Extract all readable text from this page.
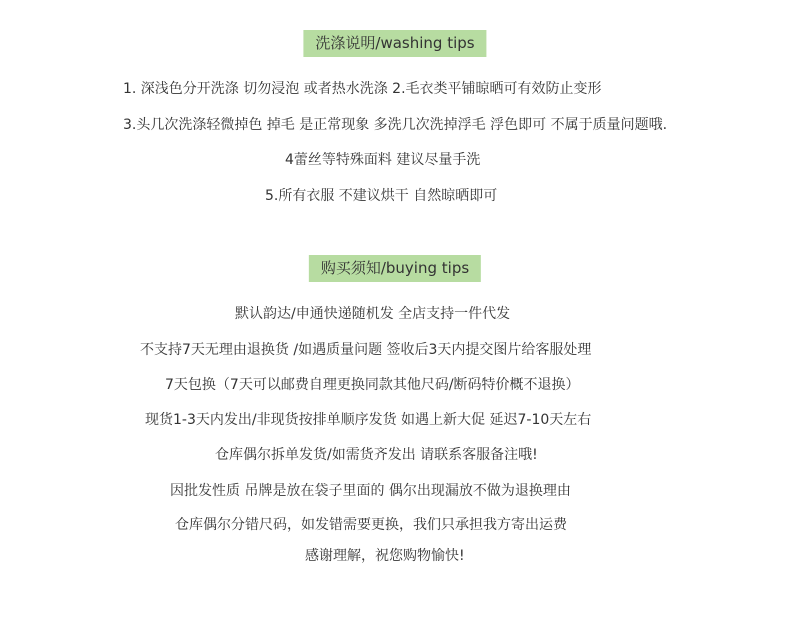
洗涤说明/washing tips
1. 深浅色分开洗涤 切勿浸泡 或者热水洗涤 2.毛衣类平铺晾晒可有效防止变形
3.头几次洗涤轻微掉色 掉毛 是正常现象 多洗几次洗掉浮毛 浮色即可 不属于质量问题哦.
4蕾丝等特殊面料 建议尽量手洗
5.所有衣服 不建议烘干 自然晾晒即可
购买须知/buying tips
默认韵达/申通快递随机发 全店支持一件代发
不支持7天无理由退换货 /如遇质量问题 签收后3天内提交图片给客服处理
7天包换（7天可以邮费自理更换同款其他尺码/断码特价概不退换）
现货1-3天内发出/非现货按排单顺序发货 如遇上新大促 延迟7-10天左右
仓库偶尔拆单发货/如需货齐发出 请联系客服备注哦!
因批发性质 吊牌是放在袋子里面的 偶尔出现漏放不做为退换理由
仓库偶尔分错尺码，如发错需要更换，我们只承担我方寄出运费
感谢理解，祝您购物愉快!
